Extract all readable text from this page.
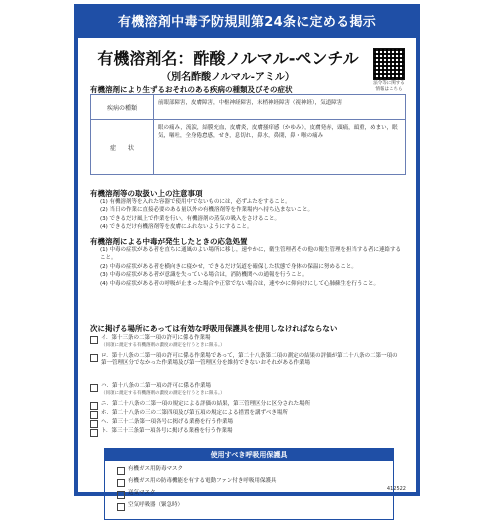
有機溶剤中毒予防規則第24条に定める掲示
有機溶剤名：酢酸ノルマル-ペンチル
（別名酢酸ノルマル-アミル）
法令等に関する情報はこちら
有機溶剤により生ずるおそれのある疾病の種類及びその症状
疾病の種類	前眼部障害，皮膚障害，中枢神経障害，末梢神経障害（視神経），気道障害
症　　状	眼の痛み，流涙，結膜充血，皮膚炎，皮膚掻痒感（かゆみ），皮膚発赤，頭痛，頭重，めまい，眠気，嘔吐，全身倦怠感，せき，息切れ，鼻水，鼻閉，鼻・喉の痛み
有機溶剤等の取扱い上の注意事項
(1) 有機溶剤等を入れた容器で使用中でないものには，必ずふたをすること。
(2) 当日の作業に直接必要のある量以外の有機溶剤等を作業場内へ持ち込まないこと。
(3) できるだけ風上で作業を行い，有機溶剤の蒸気の吸入をさけること。
(4) できるだけ有機溶剤等を皮膚にふれないようにすること。
有機溶剤による中毒が発生したときの応急処置
(1) 中毒の症状がある者を直ちに通風のよい場所に移し，速やかに，衛生管理者その他の衛生管理を担当する者に連絡すること。
(2) 中毒の症状がある者を横向きに寝かせ，できるだけ気道を確保した状態で身体の保温に努めること。
(3) 中毒の症状がある者が意識を失っている場合は，消防機関への通報を行うこと。
(4) 中毒の症状がある者の呼吸が止まった場合や正常でない場合は，速やかに仰向けにして心肺蘇生を行うこと。
次に掲げる場所にあっては有効な呼吸用保護具を使用しなければならない
イ．第十三条の二第一項の許可に係る作業場
（同項に規定する有機溶剤の濃度の測定を行うときに限る。）
ロ．第十八条の二第一項の許可に係る作業場であって，第二十八条第二項の測定の結果の評価が第二十八条の二第一項の第一管理区分でなかった作業場及び第一管理区分を維持できないおそれがある作業場
ハ．第十八条の二第一項の許可に係る作業場
（同項に規定する有機溶剤の濃度の測定を行うときに限る。）
ニ．第二十八条の二第一項の規定による評価の結果，第三管理区分に区分された場所
ホ．第二十八条の三の二第四項及び第五項の規定による措置を講ずべき場所
ヘ．第三十二条第一項各号に掲げる業務を行う作業場
ト．第三十三条第一項各号に掲げる業務を行う作業場
使用すべき呼吸用保護具
有機ガス用防毒マスク
有機ガス用の防毒機能を有する電動ファン付き呼吸用保護具
送気マスク
空気呼吸器（緊急時）
412522
